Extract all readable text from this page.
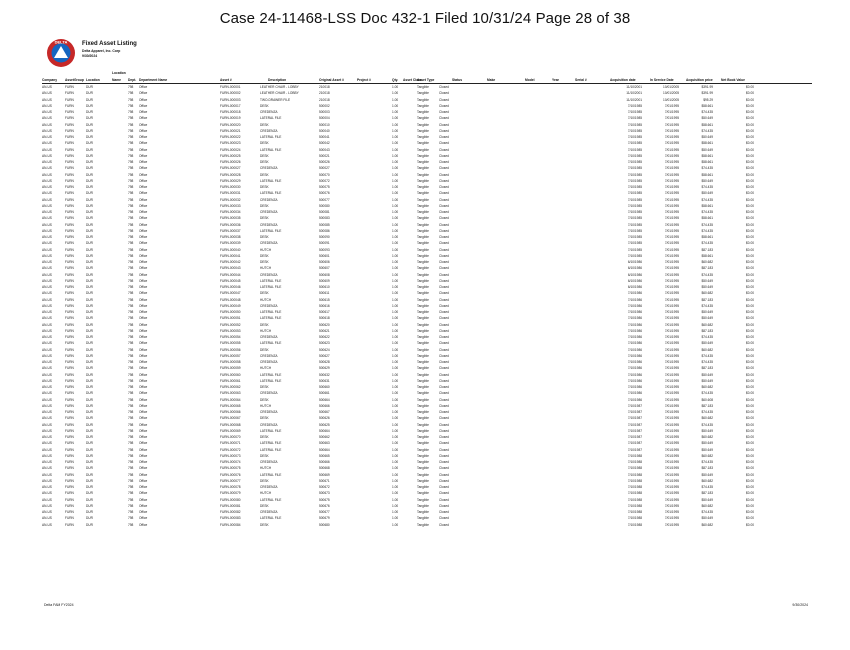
Case 24-11468-LSS Doc 432-1 Filed 10/31/24 Page 28 of 38
DELTA Fixed Asset Listing
Delta Apparel, Inc. Corp
9/30/2024
Company AssetGroup Location
Location
Name Dept. Department Name	Asset #	Description	Original Asset #	Project #	Qty. Asset Class
Asset Type	Status	Make	Model	Year	Serial #	Acquisition date	In Service Date	Acquisition price	Net Book Value
AN-US	FURN	DUR	798 Office	FURN-000001	LEATHER CHAIR - LOBBY	210018	1.00	Tangible	Closed	11/10/2001	10/01/2005	$391.99	$0.00
AN-US	FURN	DUR	798 Office	FURN-000002	LEATHER CHAIR - LOBBY	210018	1.00	Tangible	Closed	11/10/2001	10/01/2005	$391.99	$0.00
AN-US	FURN	DUR	798 Office	FURN-000003	TWO-DRAWER FILE	210018	1.00	Tangible	Closed	11/10/2001	10/01/2005	$95.29	$0.00
AN-US	FURN	DUR	798 Office	FURN-000017	DESK	500002	1.00	Tangible	Closed	7/10/1985	7/01/1995	$58.661	$0.00
AN-US	FURN	DUR	798 Office	FURN-000018	CREDENZA	500003	1.00	Tangible	Closed	7/10/1985	7/01/1995	$74.435	$0.00
AN-US	FURN	DUR	798 Office	FURN-000019	LATERAL FILE	500004	1.00	Tangible	Closed	7/10/1985	7/01/1995	$50.649	$0.00
AN-US	FURN	DUR	798 Office	FURN-000020	DESK	500010	1.00	Tangible	Closed	7/10/1985	7/01/1995	$58.661	$0.00
AN-US	FURN	DUR	798 Office	FURN-000021	CREDENZA	500040	1.00	Tangible	Closed	7/10/1985	7/01/1995	$74.435	$0.00
AN-US	FURN	DUR	798 Office	FURN-000022	LATERAL FILE	500041	1.00	Tangible	Closed	7/10/1985	7/01/1995	$50.649	$0.00
AN-US	FURN	DUR	798 Office	FURN-000023	DESK	500042	1.00	Tangible	Closed	7/10/1985	7/01/1995	$58.661	$0.00
AN-US	FURN	DUR	798 Office	FURN-000024	LATERAL FILE	500043	1.00	Tangible	Closed	7/10/1985	7/01/1995	$50.649	$0.00
AN-US	FURN	DUR	798 Office	FURN-000025	DESK	500021	1.00	Tangible	Closed	7/10/1985	7/01/1995	$58.661	$0.00
AN-US	FURN	DUR	798 Office	FURN-000026	DESK	500026	1.00	Tangible	Closed	7/10/1985	7/01/1995	$58.661	$0.00
AN-US	FURN	DUR	798 Office	FURN-000027	CREDENZA	500027	1.00	Tangible	Closed	7/10/1985	7/01/1995	$74.435	$0.00
AN-US	FURN	DUR	798 Office	FURN-000028	DESK	500070	1.00	Tangible	Closed	7/10/1985	7/01/1995	$58.661	$0.00
AN-US	FURN	DUR	798 Office	FURN-000029	LATERAL FILE	500072	1.00	Tangible	Closed	7/10/1985	7/01/1995	$50.649	$0.00
AN-US	FURN	DUR	798 Office	FURN-000030	DESK	500075	1.00	Tangible	Closed	7/10/1985	7/01/1995	$74.435	$0.00
AN-US	FURN	DUR	798 Office	FURN-000031	LATERAL FILE	500076	1.00	Tangible	Closed	7/10/1985	7/01/1995	$50.649	$0.00
AN-US	FURN	DUR	798 Office	FURN-000032	CREDENZA	500077	1.00	Tangible	Closed	7/10/1985	7/01/1995	$74.435	$0.00
AN-US	FURN	DUR	798 Office	FURN-000033	DESK	500080	1.00	Tangible	Closed	7/10/1985	7/01/1995	$58.661	$0.00
AN-US	FURN	DUR	798 Office	FURN-000034	CREDENZA	500081	1.00	Tangible	Closed	7/10/1985	7/01/1995	$74.435	$0.00
AN-US	FURN	DUR	798 Office	FURN-000035	DESK	500083	1.00	Tangible	Closed	7/10/1985	7/01/1995	$58.661	$0.00
AN-US	FURN	DUR	798 Office	FURN-000036	CREDENZA	500085	1.00	Tangible	Closed	7/10/1985	7/01/1995	$74.435	$0.00
AN-US	FURN	DUR	798 Office	FURN-000037	LATERAL FILE	500086	1.00	Tangible	Closed	7/10/1985	7/01/1995	$74.435	$0.00
AN-US	FURN	DUR	798 Office	FURN-000038	DESK	500090	1.00	Tangible	Closed	7/10/1985	7/01/1995	$58.661	$0.00
AN-US	FURN	DUR	798 Office	FURN-000039	CREDENZA	500091	1.00	Tangible	Closed	7/10/1985	7/01/1995	$74.435	$0.00
AN-US	FURN	DUR	798 Office	FURN-000040	HUTCH	500093	1.00	Tangible	Closed	7/10/1985	7/01/1995	$87.183	$0.00
AN-US	FURN	DUR	798 Office	FURN-000041	DESK	500601	1.00	Tangible	Closed	7/10/1985	7/01/1995	$58.661	$0.00
AN-US	FURN	DUR	798 Office	FURN-000042	DESK	500606	1.00	Tangible	Closed	6/10/1986	7/01/1995	$60.682	$0.00
AN-US	FURN	DUR	798 Office	FURN-000043	HUTCH	500607	1.00	Tangible	Closed	6/10/1986	7/01/1995	$87.183	$0.00
AN-US	FURN	DUR	798 Office	FURN-000044	CREDENZA	500608	1.00	Tangible	Closed	6/10/1986	7/01/1995	$74.435	$0.00
AN-US	FURN	DUR	798 Office	FURN-000045	LATERAL FILE	500609	1.00	Tangible	Closed	6/10/1986	7/01/1995	$50.649	$0.00
AN-US	FURN	DUR	798 Office	FURN-000046	LATERAL FILE	500610	1.00	Tangible	Closed	6/10/1986	7/01/1995	$50.649	$0.00
AN-US	FURN	DUR	798 Office	FURN-000047	DESK	500611	1.00	Tangible	Closed	7/10/1986	7/01/1995	$60.682	$0.00
AN-US	FURN	DUR	798 Office	FURN-000048	HUTCH	500615	1.00	Tangible	Closed	7/10/1986	7/01/1995	$87.183	$0.00
AN-US	FURN	DUR	798 Office	FURN-000049	CREDENZA	500616	1.00	Tangible	Closed	7/10/1986	7/01/1995	$74.435	$0.00
AN-US	FURN	DUR	798 Office	FURN-000050	LATERAL FILE	500617	1.00	Tangible	Closed	7/10/1986	7/01/1995	$50.649	$0.00
AN-US	FURN	DUR	798 Office	FURN-000051	LATERAL FILE	500618	1.00	Tangible	Closed	7/10/1986	7/01/1995	$50.649	$0.00
AN-US	FURN	DUR	798 Office	FURN-000052	DESK	500620	1.00	Tangible	Closed	7/10/1986	7/01/1995	$60.682	$0.00
AN-US	FURN	DUR	798 Office	FURN-000053	HUTCH	500621	1.00	Tangible	Closed	7/10/1986	7/01/1995	$87.183	$0.00
AN-US	FURN	DUR	798 Office	FURN-000054	CREDENZA	500622	1.00	Tangible	Closed	7/10/1986	7/01/1995	$74.435	$0.00
AN-US	FURN	DUR	798 Office	FURN-000055	LATERAL FILE	500623	1.00	Tangible	Closed	7/10/1986	7/01/1995	$50.649	$0.00
AN-US	FURN	DUR	798 Office	FURN-000056	DESK	500624	1.00	Tangible	Closed	7/10/1986	7/01/1995	$60.682	$0.00
AN-US	FURN	DUR	798 Office	FURN-000057	CREDENZA	500627	1.00	Tangible	Closed	7/10/1986	7/01/1995	$74.435	$0.00
AN-US	FURN	DUR	798 Office	FURN-000058	CREDENZA	500628	1.00	Tangible	Closed	7/10/1986	7/01/1995	$74.435	$0.00
AN-US	FURN	DUR	798 Office	FURN-000059	HUTCH	500629	1.00	Tangible	Closed	7/10/1986	7/01/1995	$87.183	$0.00
AN-US	FURN	DUR	798 Office	FURN-000060	LATERAL FILE	500632	1.00	Tangible	Closed	7/10/1986	7/01/1995	$50.649	$0.00
AN-US	FURN	DUR	798 Office	FURN-000061	LATERAL FILE	500631	1.00	Tangible	Closed	7/10/1986	7/01/1995	$50.649	$0.00
AN-US	FURN	DUR	798 Office	FURN-000062	DESK	500660	1.00	Tangible	Closed	7/10/1986	7/01/1995	$60.682	$0.00
AN-US	FURN	DUR	798 Office	FURN-000063	CREDENZA	500661	1.00	Tangible	Closed	7/10/1986	7/01/1995	$74.435	$0.00
AN-US	FURN	DUR	798 Office	FURN-000064	DESK	500664	1.00	Tangible	Closed	7/10/1986	7/01/1995	$60.608	$0.00
AN-US	FURN	DUR	798 Office	FURN-000065	HUTCH	500666	1.00	Tangible	Closed	7/10/1987	7/01/1995	$87.183	$0.00
AN-US	FURN	DUR	798 Office	FURN-000066	CREDENZA	500667	1.00	Tangible	Closed	7/10/1987	7/01/1995	$74.435	$0.00
AN-US	FURN	DUR	798 Office	FURN-000067	DESK	500626	1.00	Tangible	Closed	7/10/1987	7/01/1995	$60.682	$0.00
AN-US	FURN	DUR	798 Office	FURN-000068	CREDENZA	500625	1.00	Tangible	Closed	7/10/1987	7/01/1995	$74.435	$0.00
AN-US	FURN	DUR	798 Office	FURN-000069	LATERAL FILE	500664	1.00	Tangible	Closed	7/10/1987	7/01/1995	$50.649	$0.00
AN-US	FURN	DUR	798 Office	FURN-000070	DESK	500662	1.00	Tangible	Closed	7/10/1987	7/01/1995	$60.682	$0.00
AN-US	FURN	DUR	798 Office	FURN-000071	LATERAL FILE	500663	1.00	Tangible	Closed	7/10/1987	7/01/1995	$50.649	$0.00
AN-US	FURN	DUR	798 Office	FURN-000072	LATERAL FILE	500664	1.00	Tangible	Closed	7/10/1987	7/01/1995	$50.649	$0.00
AN-US	FURN	DUR	798 Office	FURN-000073	DESK	500665	1.00	Tangible	Closed	7/10/1988	7/01/1995	$60.682	$0.00
AN-US	FURN	DUR	798 Office	FURN-000074	CREDENZA	500666	1.00	Tangible	Closed	7/10/1988	7/01/1995	$74.435	$0.00
AN-US	FURN	DUR	798 Office	FURN-000075	HUTCH	500668	1.00	Tangible	Closed	7/10/1988	7/01/1995	$87.183	$0.00
AN-US	FURN	DUR	798 Office	FURN-000076	LATERAL FILE	500669	1.00	Tangible	Closed	7/10/1988	7/01/1995	$50.649	$0.00
AN-US	FURN	DUR	798 Office	FURN-000077	DESK	500671	1.00	Tangible	Closed	7/10/1988	7/01/1995	$60.682	$0.00
AN-US	FURN	DUR	798 Office	FURN-000078	CREDENZA	500672	1.00	Tangible	Closed	7/10/1988	7/01/1995	$74.435	$0.00
AN-US	FURN	DUR	798 Office	FURN-000079	HUTCH	500673	1.00	Tangible	Closed	7/10/1988	7/01/1995	$87.183	$0.00
AN-US	FURN	DUR	798 Office	FURN-000080	LATERAL FILE	500675	1.00	Tangible	Closed	7/10/1988	7/01/1995	$50.649	$0.00
AN-US	FURN	DUR	798 Office	FURN-000081	DESK	500676	1.00	Tangible	Closed	7/10/1988	7/01/1995	$60.682	$0.00
AN-US	FURN	DUR	798 Office	FURN-000082	CREDENZA	500677	1.00	Tangible	Closed	7/10/1988	7/01/1995	$74.435	$0.00
AN-US	FURN	DUR	798 Office	FURN-000083	LATERAL FILE	500679	1.00	Tangible	Closed	7/10/1988	7/01/1995	$50.649	$0.00
AN-US	FURN	DUR	798 Office	FURN-000084	DESK	500680	1.00	Tangible	Closed	7/10/1988	7/01/1995	$60.682	$0.00
Delta FAM FY2024	9/30/2024
